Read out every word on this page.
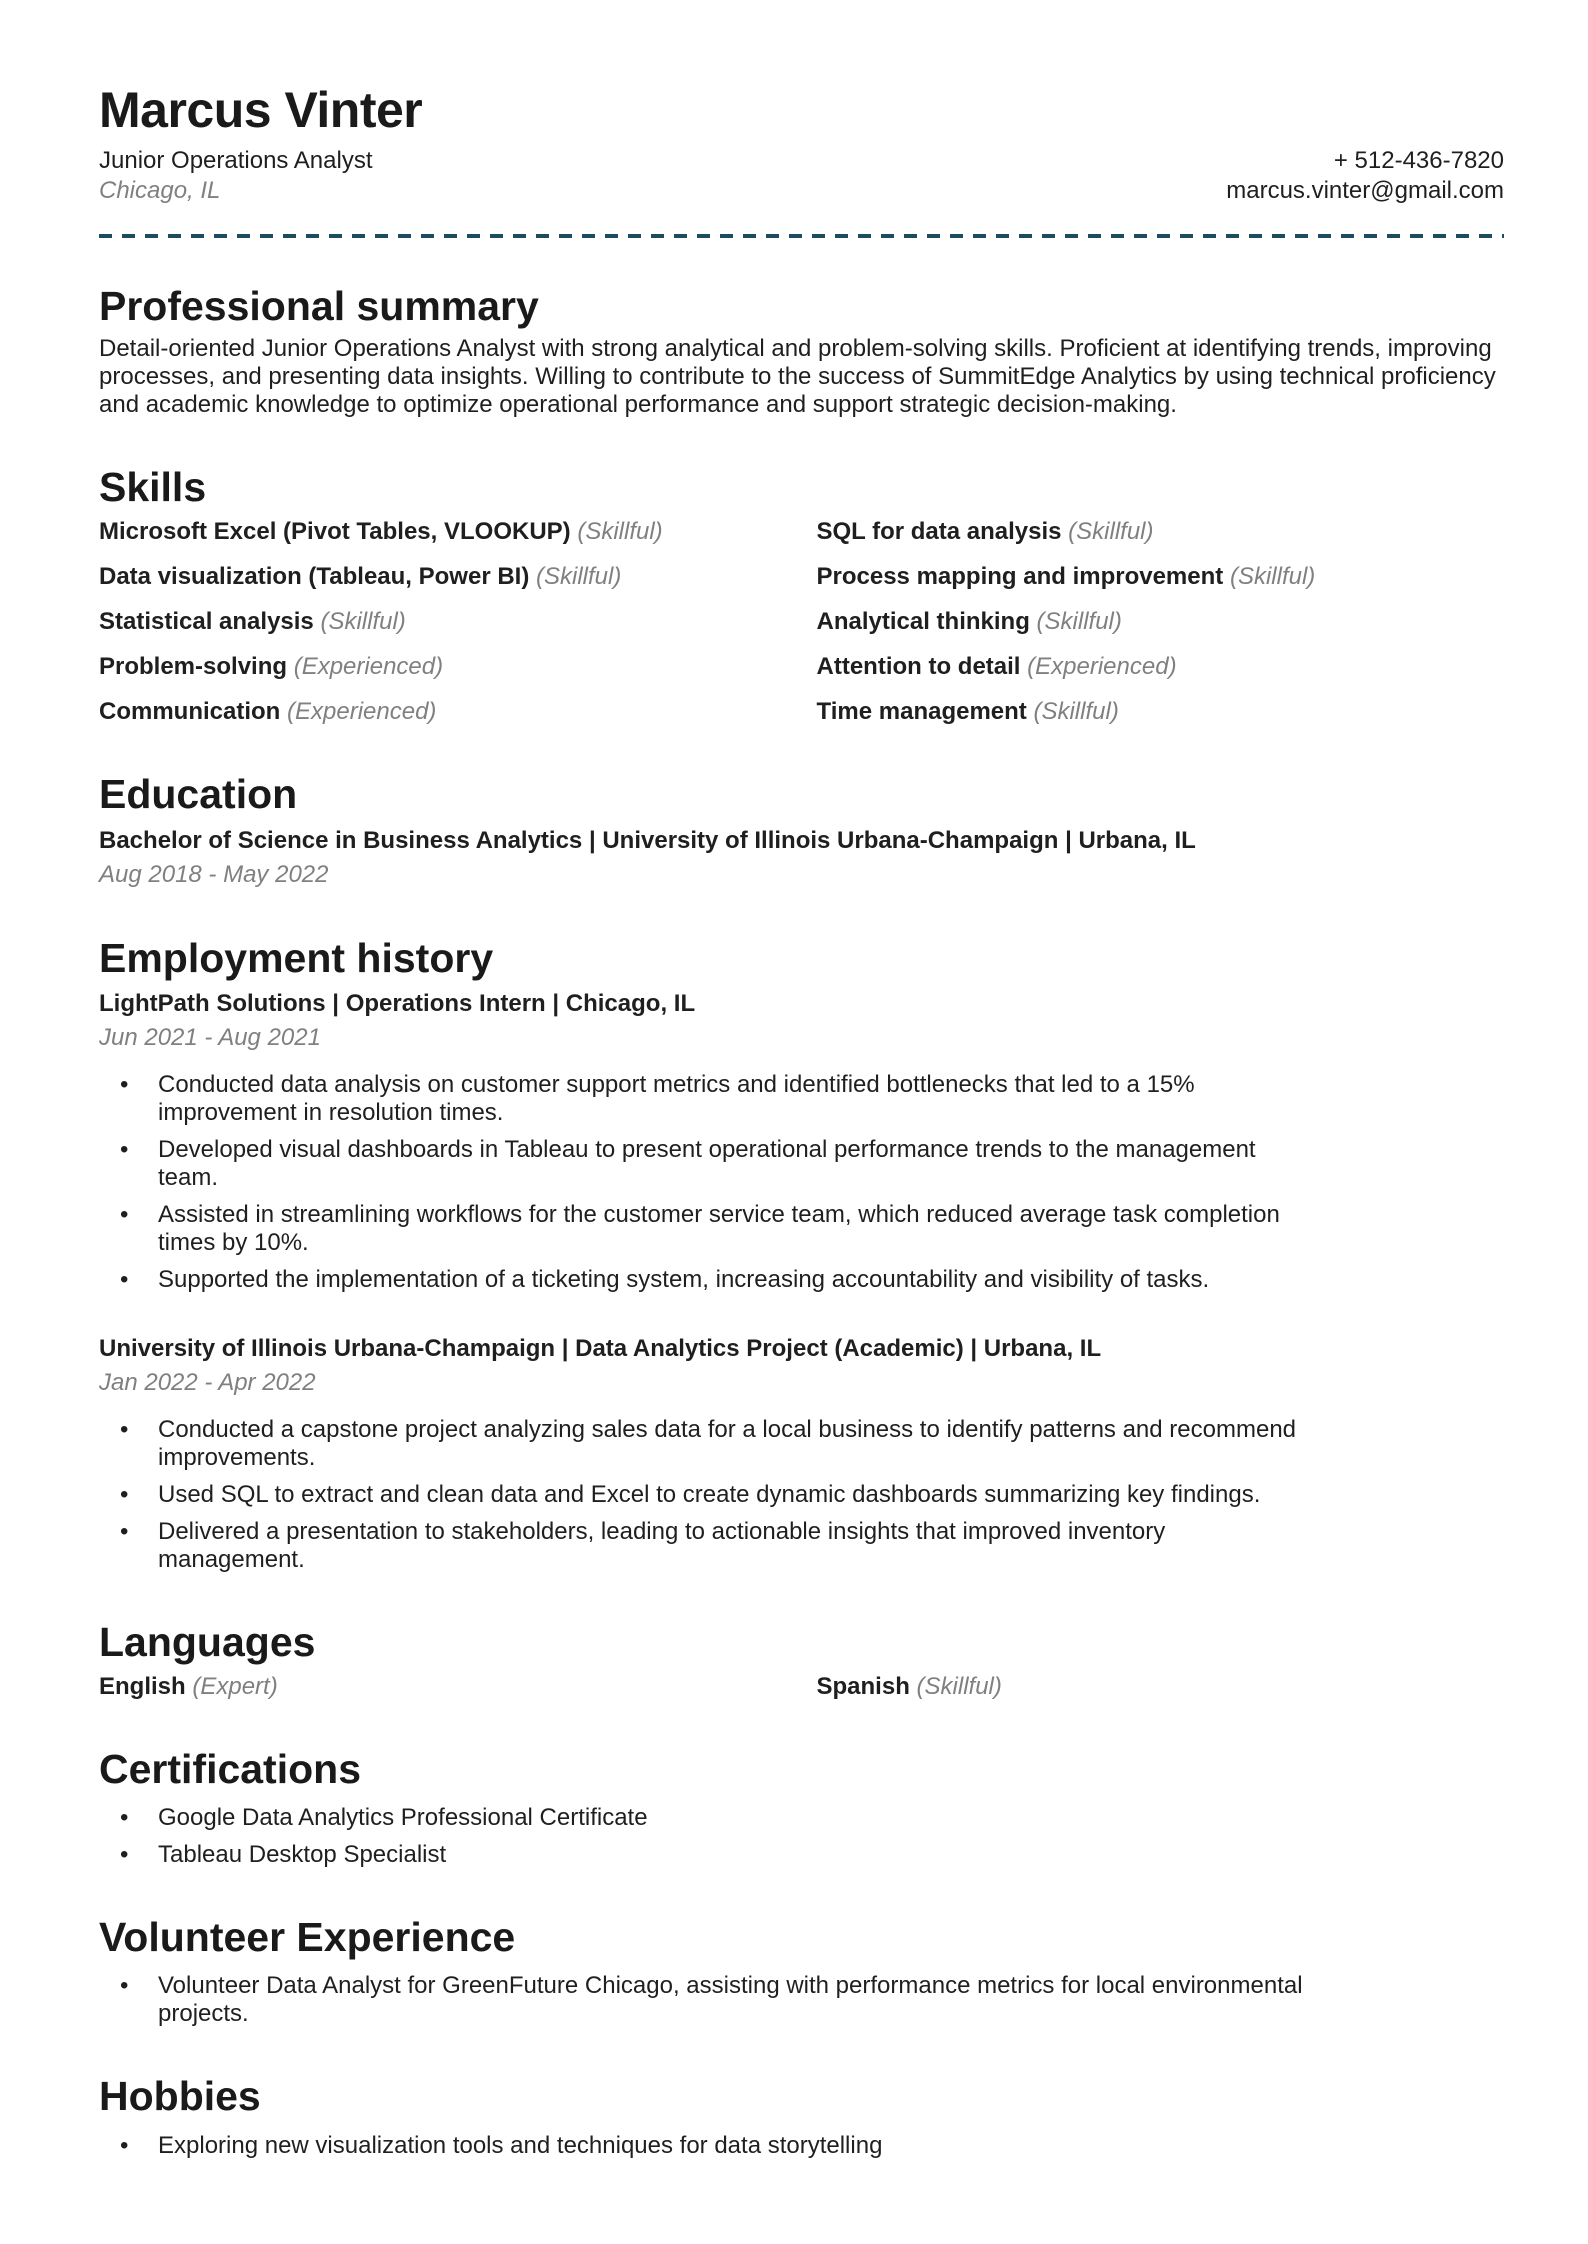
Marcus Vinter
Junior Operations Analyst
Chicago, IL
+ 512-436-7820
marcus.vinter@gmail.com
Professional summary

Detail-oriented Junior Operations Analyst with strong analytical and problem-solving skills. Proficient at identifying trends, improving processes, and presenting data insights. Willing to contribute to the success of SummitEdge Analytics by using technical proficiency and academic knowledge to optimize operational performance and support strategic decision-making.

Skills
Microsoft Excel (Pivot Tables, VLOOKUP) (Skillful)	SQL for data analysis (Skillful)
Data visualization (Tableau, Power BI) (Skillful)	Process mapping and improvement (Skillful)
Statistical analysis (Skillful)	Analytical thinking (Skillful)
Problem-solving (Experienced)	Attention to detail (Experienced)
Communication (Experienced)	Time management (Skillful)
Education

Bachelor of Science in Business Analytics | University of Illinois Urbana-Champaign | Urbana, IL

Aug 2018 - May 2022

Employment history

LightPath Solutions | Operations Intern | Chicago, IL

Jun 2021 - Aug 2021

• Conducted data analysis on customer support metrics and identified bottlenecks that led to a 15% improvement in resolution times.
• Developed visual dashboards in Tableau to present operational performance trends to the management team.
• Assisted in streamlining workflows for the customer service team, which reduced average task completion times by 10%.
• Supported the implementation of a ticketing system, increasing accountability and visibility of tasks.

University of Illinois Urbana-Champaign | Data Analytics Project (Academic) | Urbana, IL

Jan 2022 - Apr 2022

• Conducted a capstone project analyzing sales data for a local business to identify patterns and recommend improvements.
• Used SQL to extract and clean data and Excel to create dynamic dashboards summarizing key findings.
• Delivered a presentation to stakeholders, leading to actionable insights that improved inventory management.
Languages
English (Expert)	Spanish (Skillful)
Certifications
• Google Data Analytics Professional Certificate
• Tableau Desktop Specialist
Volunteer Experience
• Volunteer Data Analyst for GreenFuture Chicago, assisting with performance metrics for local environmental projects.
Hobbies
• Exploring new visualization tools and techniques for data storytelling
